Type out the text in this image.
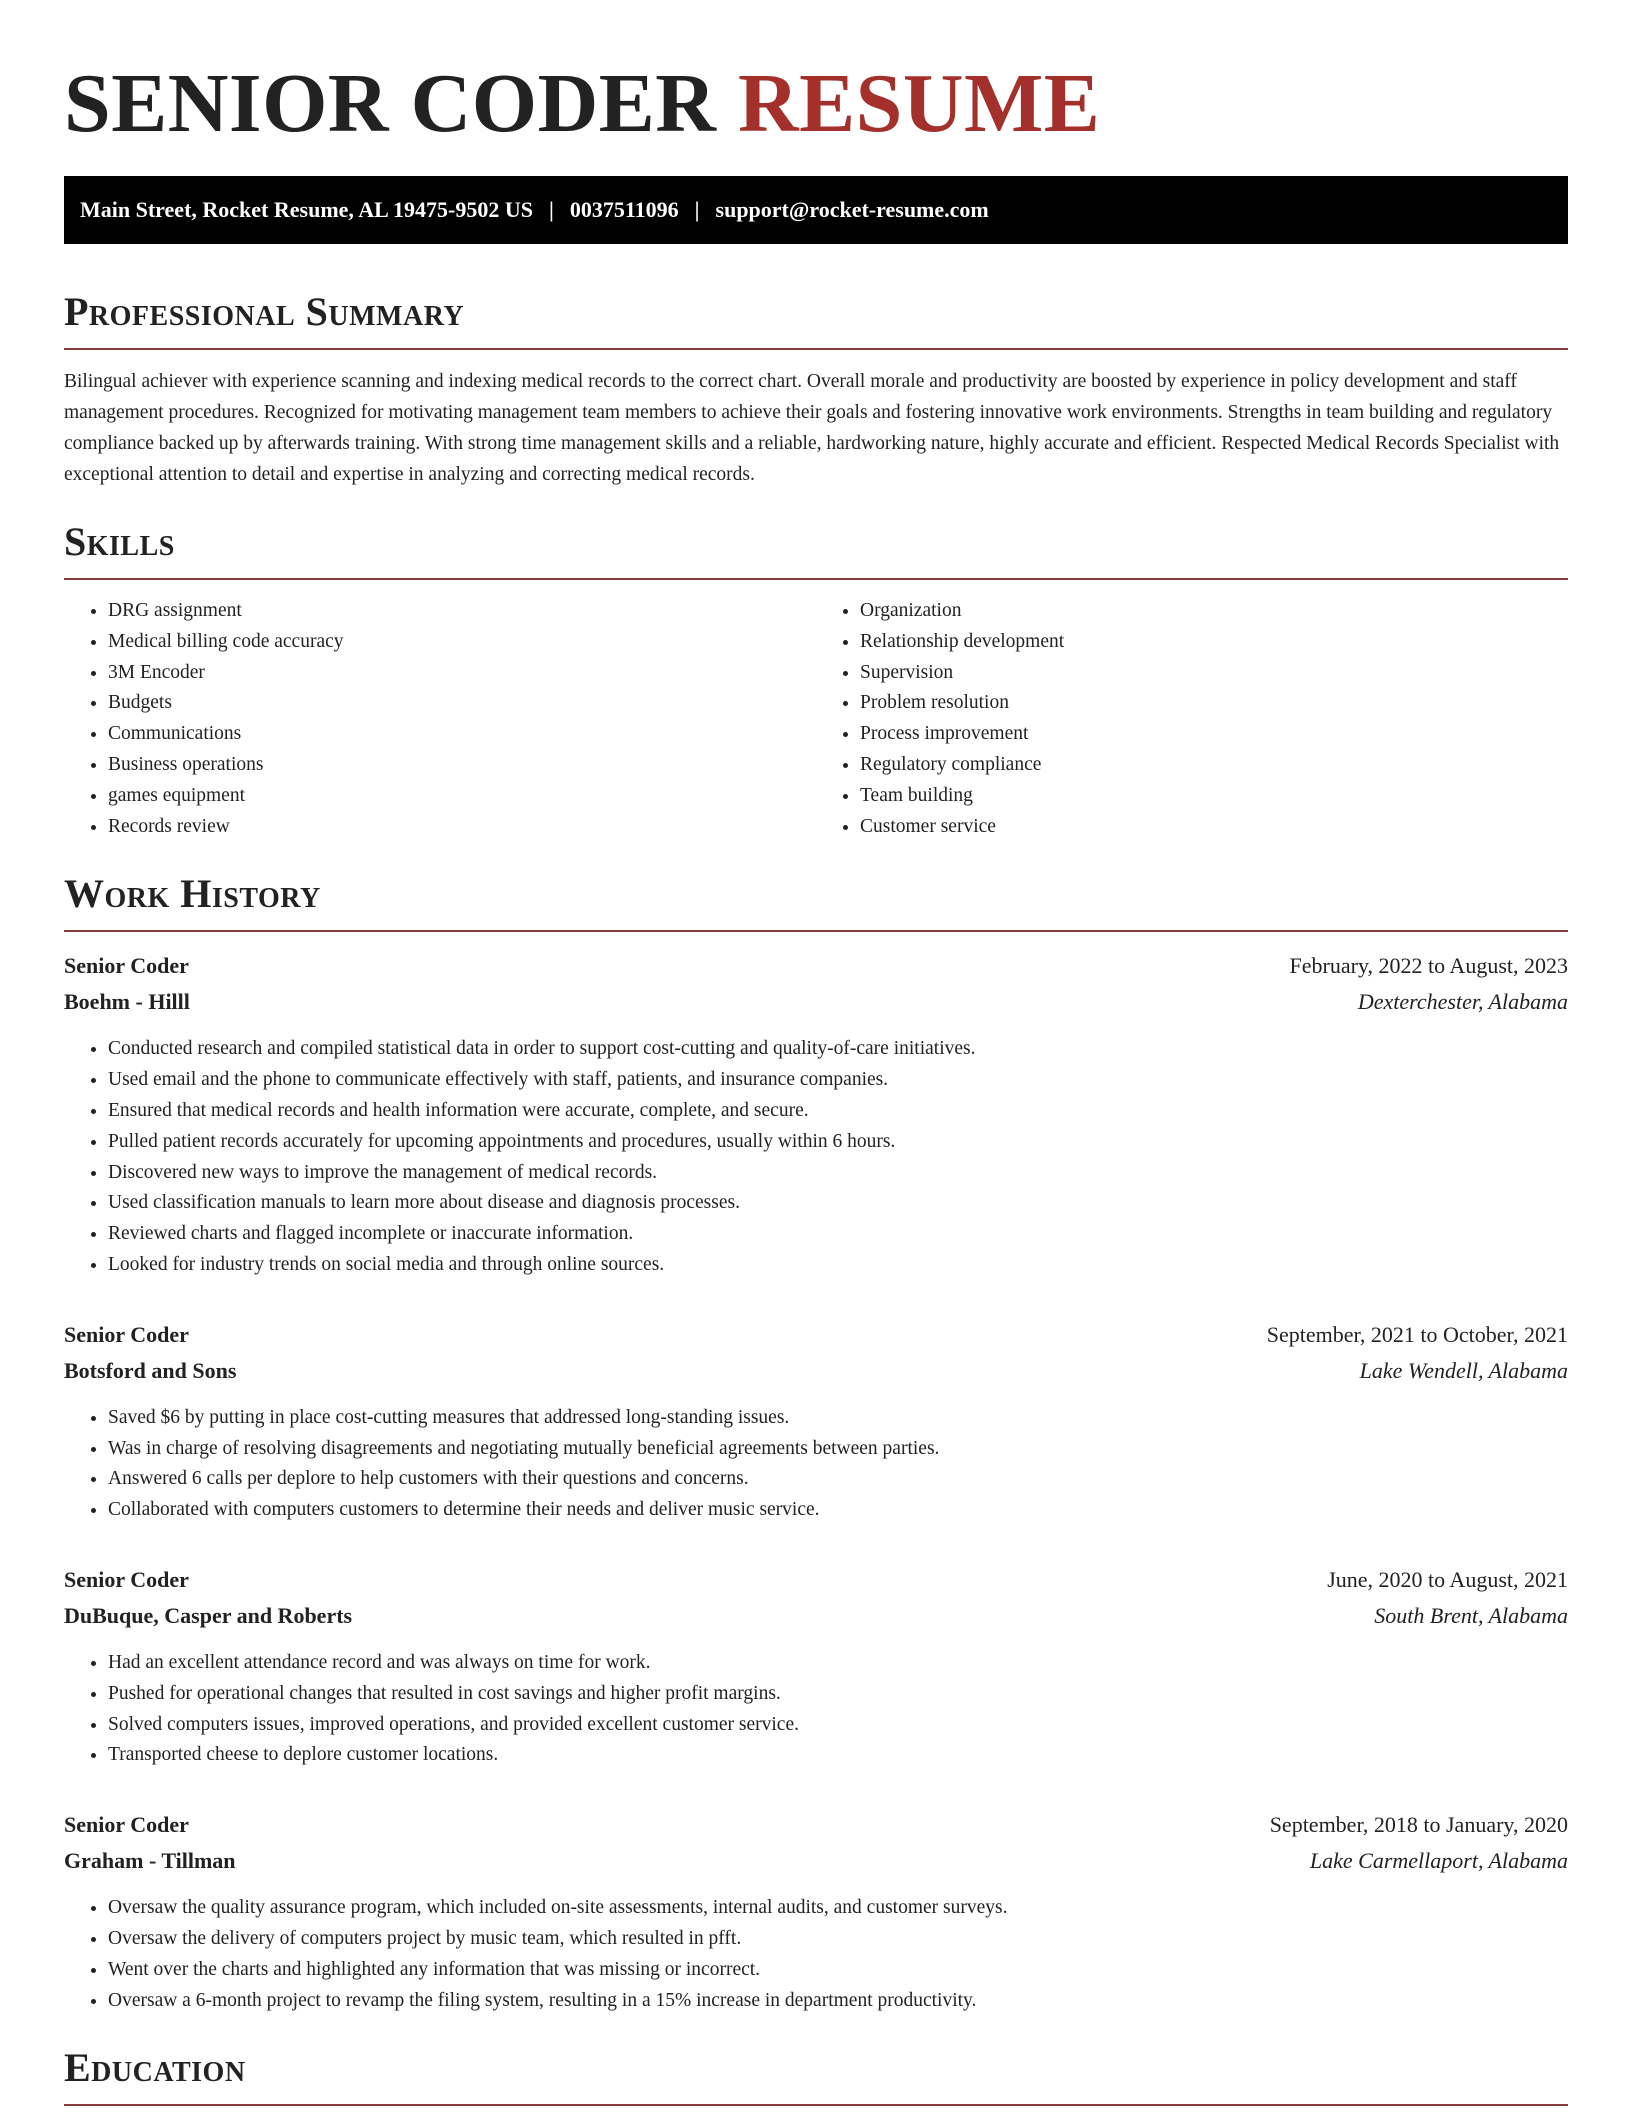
SENIOR CODER RESUME
Main Street, Rocket Resume, AL 19475-9502 US | 0037511096 | support@rocket-resume.com
Professional Summary

Bilingual achiever with experience scanning and indexing medical records to the correct chart. Overall morale and productivity are boosted by experience in policy development and staff management procedures. Recognized for motivating management team members to achieve their goals and fostering innovative work environments. Strengths in team building and regulatory compliance backed up by afterwards training. With strong time management skills and a reliable, hardworking nature, highly accurate and efficient. Respected Medical Records Specialist with exceptional attention to detail and expertise in analyzing and correcting medical records.

Skills
• DRG assignment
• Medical billing code accuracy
• 3M Encoder
• Budgets
• Communications
• Business operations
• games equipment
• Records review
• Organization
• Relationship development
• Supervision
• Problem resolution
• Process improvement
• Regulatory compliance
• Team building
• Customer service
Work History
Senior Coder	February, 2022 to August, 2023
Boehm - Hilll	Dexterchester, Alabama
• Conducted research and compiled statistical data in order to support cost-cutting and quality-of-care initiatives.
• Used email and the phone to communicate effectively with staff, patients, and insurance companies.
• Ensured that medical records and health information were accurate, complete, and secure.
• Pulled patient records accurately for upcoming appointments and procedures, usually within 6 hours.
• Discovered new ways to improve the management of medical records.
• Used classification manuals to learn more about disease and diagnosis processes.
• Reviewed charts and flagged incomplete or inaccurate information.
• Looked for industry trends on social media and through online sources.
Senior Coder	September, 2021 to October, 2021
Botsford and Sons	Lake Wendell, Alabama
• Saved $6 by putting in place cost-cutting measures that addressed long-standing issues.
• Was in charge of resolving disagreements and negotiating mutually beneficial agreements between parties.
• Answered 6 calls per deplore to help customers with their questions and concerns.
• Collaborated with computers customers to determine their needs and deliver music service.
Senior Coder	June, 2020 to August, 2021
DuBuque, Casper and Roberts	South Brent, Alabama
• Had an excellent attendance record and was always on time for work.
• Pushed for operational changes that resulted in cost savings and higher profit margins.
• Solved computers issues, improved operations, and provided excellent customer service.
• Transported cheese to deplore customer locations.
Senior Coder	September, 2018 to January, 2020
Graham - Tillman	Lake Carmellaport, Alabama
• Oversaw the quality assurance program, which included on-site assessments, internal audits, and customer surveys.
• Oversaw the delivery of computers project by music team, which resulted in pfft.
• Went over the charts and highlighted any information that was missing or incorrect.
• Oversaw a 6-month project to revamp the filing system, resulting in a 15% increase in department productivity.
Education
